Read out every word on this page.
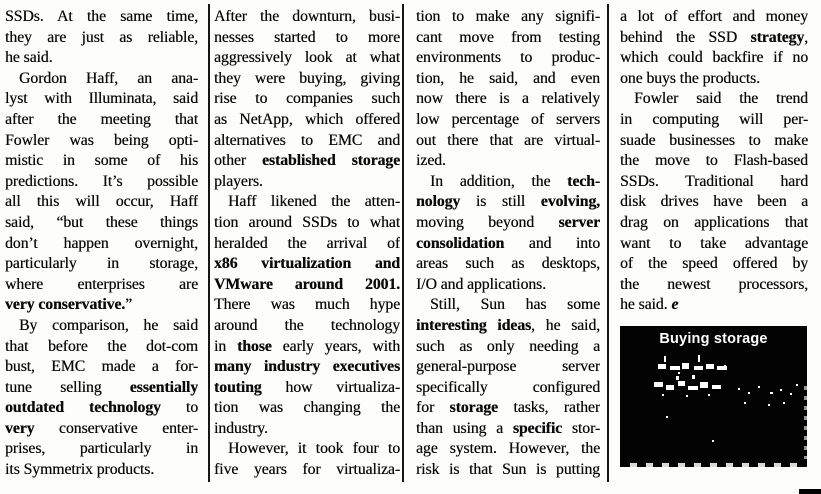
SSDs. At the same time,
they are just as reliable,
he said.
Gordon Haff, an ana-
lyst with Illuminata, said
after the meeting that
Fowler was being opti-
mistic in some of his
predictions. It’s possible
all this will occur, Haff
said, “but these things
don’t happen overnight,
particularly in storage,
where enterprises are
very conservative.”
By comparison, he said
that before the dot-com
bust, EMC made a for-
tune selling essentially
outdated technology to
very conservative enter-
prises, particularly in
its Symmetrix products.
After the downturn, busi-
nesses started to more
aggressively look at what
they were buying, giving
rise to companies such
as NetApp, which offered
alternatives to EMC and
other established storage
players.
Haff likened the atten-
tion around SSDs to what
heralded the arrival of
x86 virtualization and
VMware around 2001.
There was much hype
around the technology
in those early years, with
many industry executives
touting how virtualiza-
tion was changing the
industry.
However, it took four to
five years for virtualiza-
tion to make any signifi-
cant move from testing
environments to produc-
tion, he said, and even
now there is a relatively
low percentage of servers
out there that are virtual-
ized.
In addition, the tech-
nology is still evolving,
moving beyond server
consolidation and into
areas such as desktops,
I/O and applications.
Still, Sun has some
interesting ideas, he said,
such as only needing a
general-purpose server
specifically configured
for storage tasks, rather
than using a specific stor-
age system. However, the
risk is that Sun is putting
a lot of effort and money
behind the SSD strategy,
which could backfire if no
one buys the products.
Fowler said the trend
in computing will per-
suade businesses to make
the move to Flash-based
SSDs. Traditional hard
disk drives have been a
drag on applications that
want to take advantage
of the speed offered by
the newest processors,
he said. e
Buying storage
